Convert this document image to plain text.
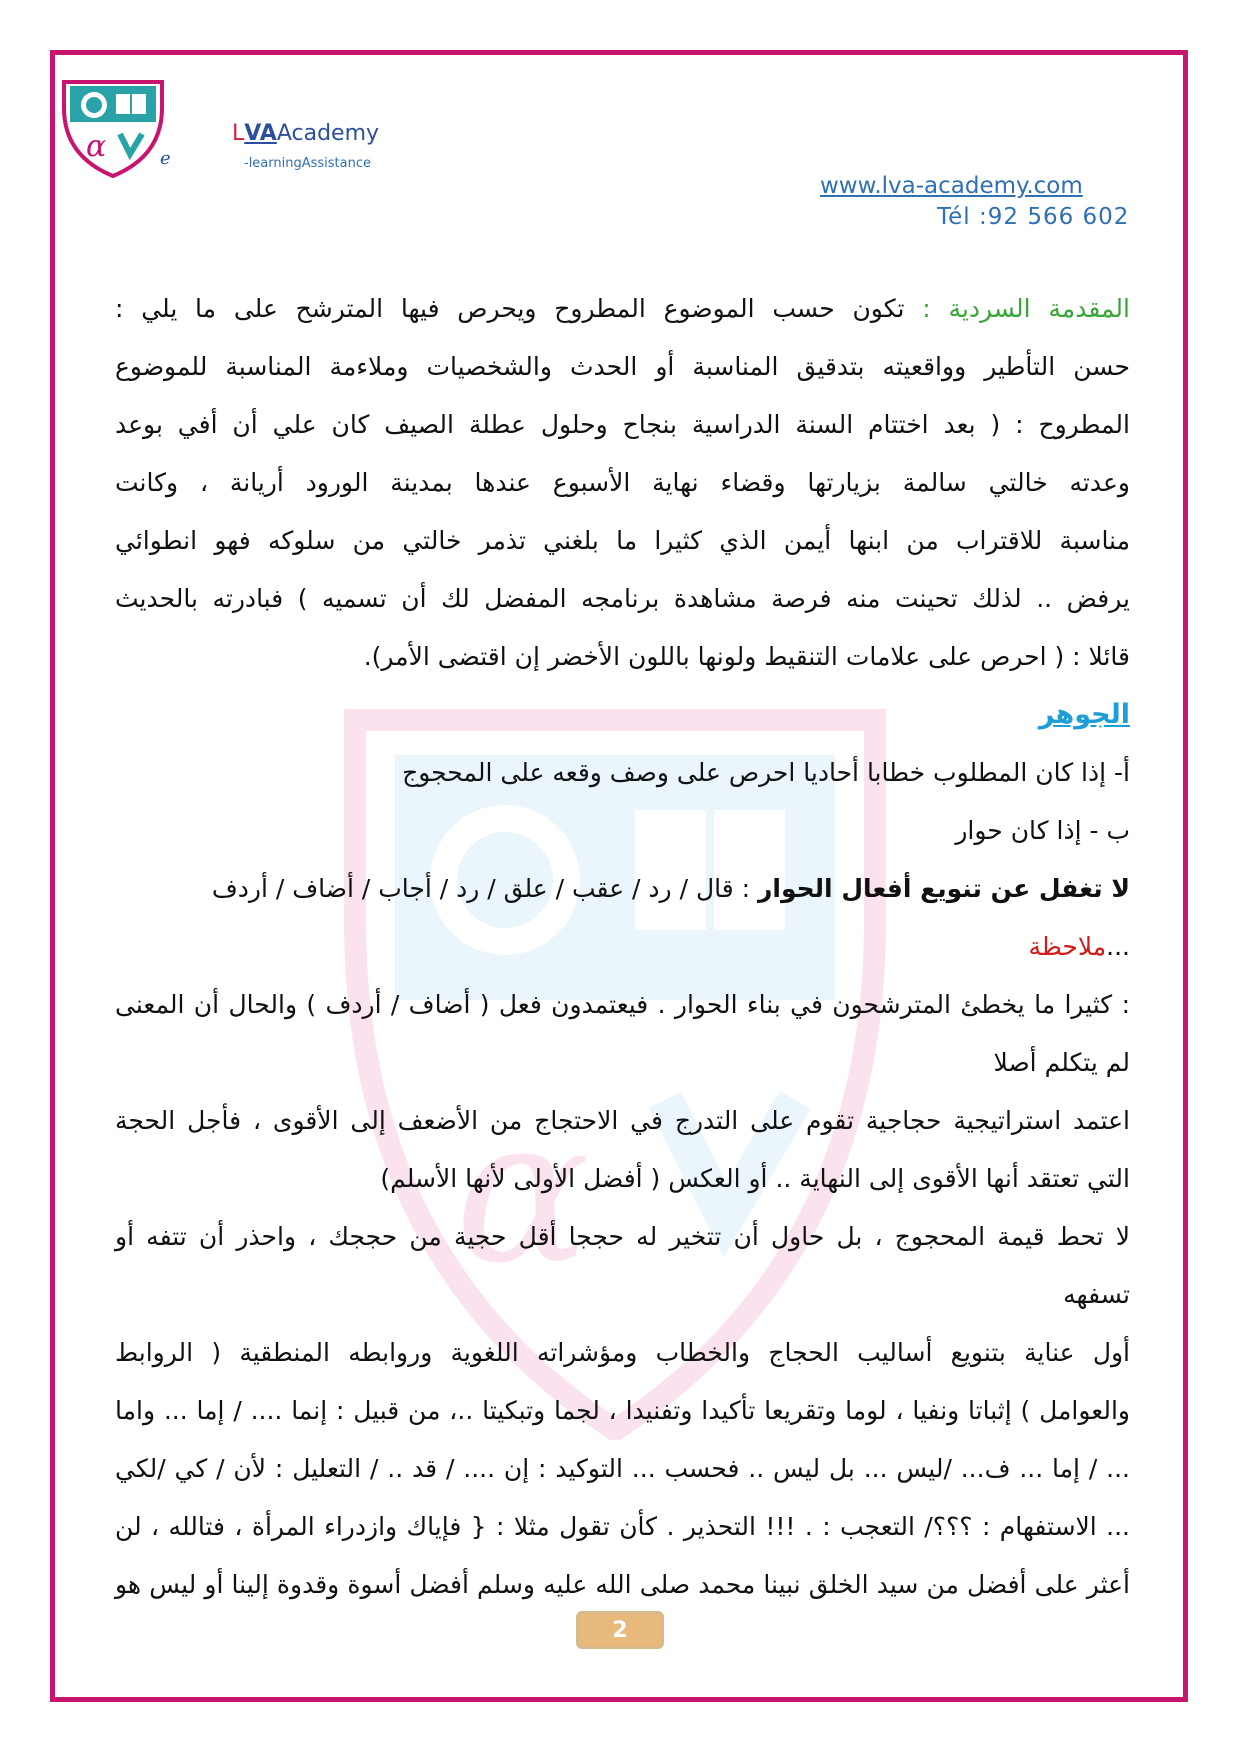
α	LVAAcademy
-learningAssistance
e
www.lva-academy.com
Tél :92 566 602
α

المقدمة السردية : تكون حسب الموضوع المطروح ويحرص فيها المترشح على ما يلي :

حسن التأطير وواقعيته بتدقيق المناسبة أو الحدث والشخصيات وملاءمة المناسبة للموضوع

المطروح : ( بعد اختتام السنة الدراسية بنجاح وحلول عطلة الصيف كان علي أن أفي بوعد

وعدته خالتي سالمة بزيارتها وقضاء نهاية الأسبوع عندها بمدينة الورود أريانة ، وكانت

مناسبة للاقتراب من ابنها أيمن الذي كثيرا ما بلغني تذمر خالتي من سلوكه فهو انطوائي

يرفض .. لذلك تحينت منه فرصة مشاهدة برنامجه المفضل لك أن تسميه ) فبادرته بالحديث

قائلا : ( احرص على علامات التنقيط ولونها باللون الأخضر إن اقتضى الأمر).

الجوهر

أ- إذا كان المطلوب خطابا أحاديا احرص على وصف وقعه على المحجوج

ب - إذا كان حوار

لا تغفل عن تنويع أفعال الحوار : قال / رد / عقب / علق / رد / أجاب / أضاف / أردف ...ملاحظة

: كثيرا ما يخطئ المترشحون في بناء الحوار . فيعتمدون فعل ( أضاف / أردف ) والحال أن المعنى

لم يتكلم أصلا

اعتمد استراتيجية حجاجية تقوم على التدرج في الاحتجاج من الأضعف إلى الأقوى ، فأجل الحجة

التي تعتقد أنها الأقوى إلى النهاية .. أو العكس ( أفضل الأولى لأنها الأسلم)

لا تحط قيمة المحجوج ، بل حاول أن تتخير له حججا أقل حجية من حججك ، واحذر أن تتفه أو

تسفهه

أول عناية بتنويع أساليب الحجاج والخطاب ومؤشراته اللغوية وروابطه المنطقية ( الروابط

والعوامل ) إثباتا ونفيا ، لوما وتقريعا تأكيدا وتفنيدا ، لجما وتبكيتا ..، من قبيل : إنما .... / إما ... واما

... / إما ... ف... /ليس ... بل ليس .. فحسب ... التوكيد : إن .... / قد .. / التعليل : لأن / كي /لكي

... الاستفهام : ؟؟؟/ التعجب : . !!! التحذير . كأن تقول مثلا : { فإياك وازدراء المرأة ، فتالله ، لن

أعثر على أفضل من سيد الخلق نبينا محمد صلى الله عليه وسلم أفضل أسوة وقدوة إلينا أو ليس هو

2
